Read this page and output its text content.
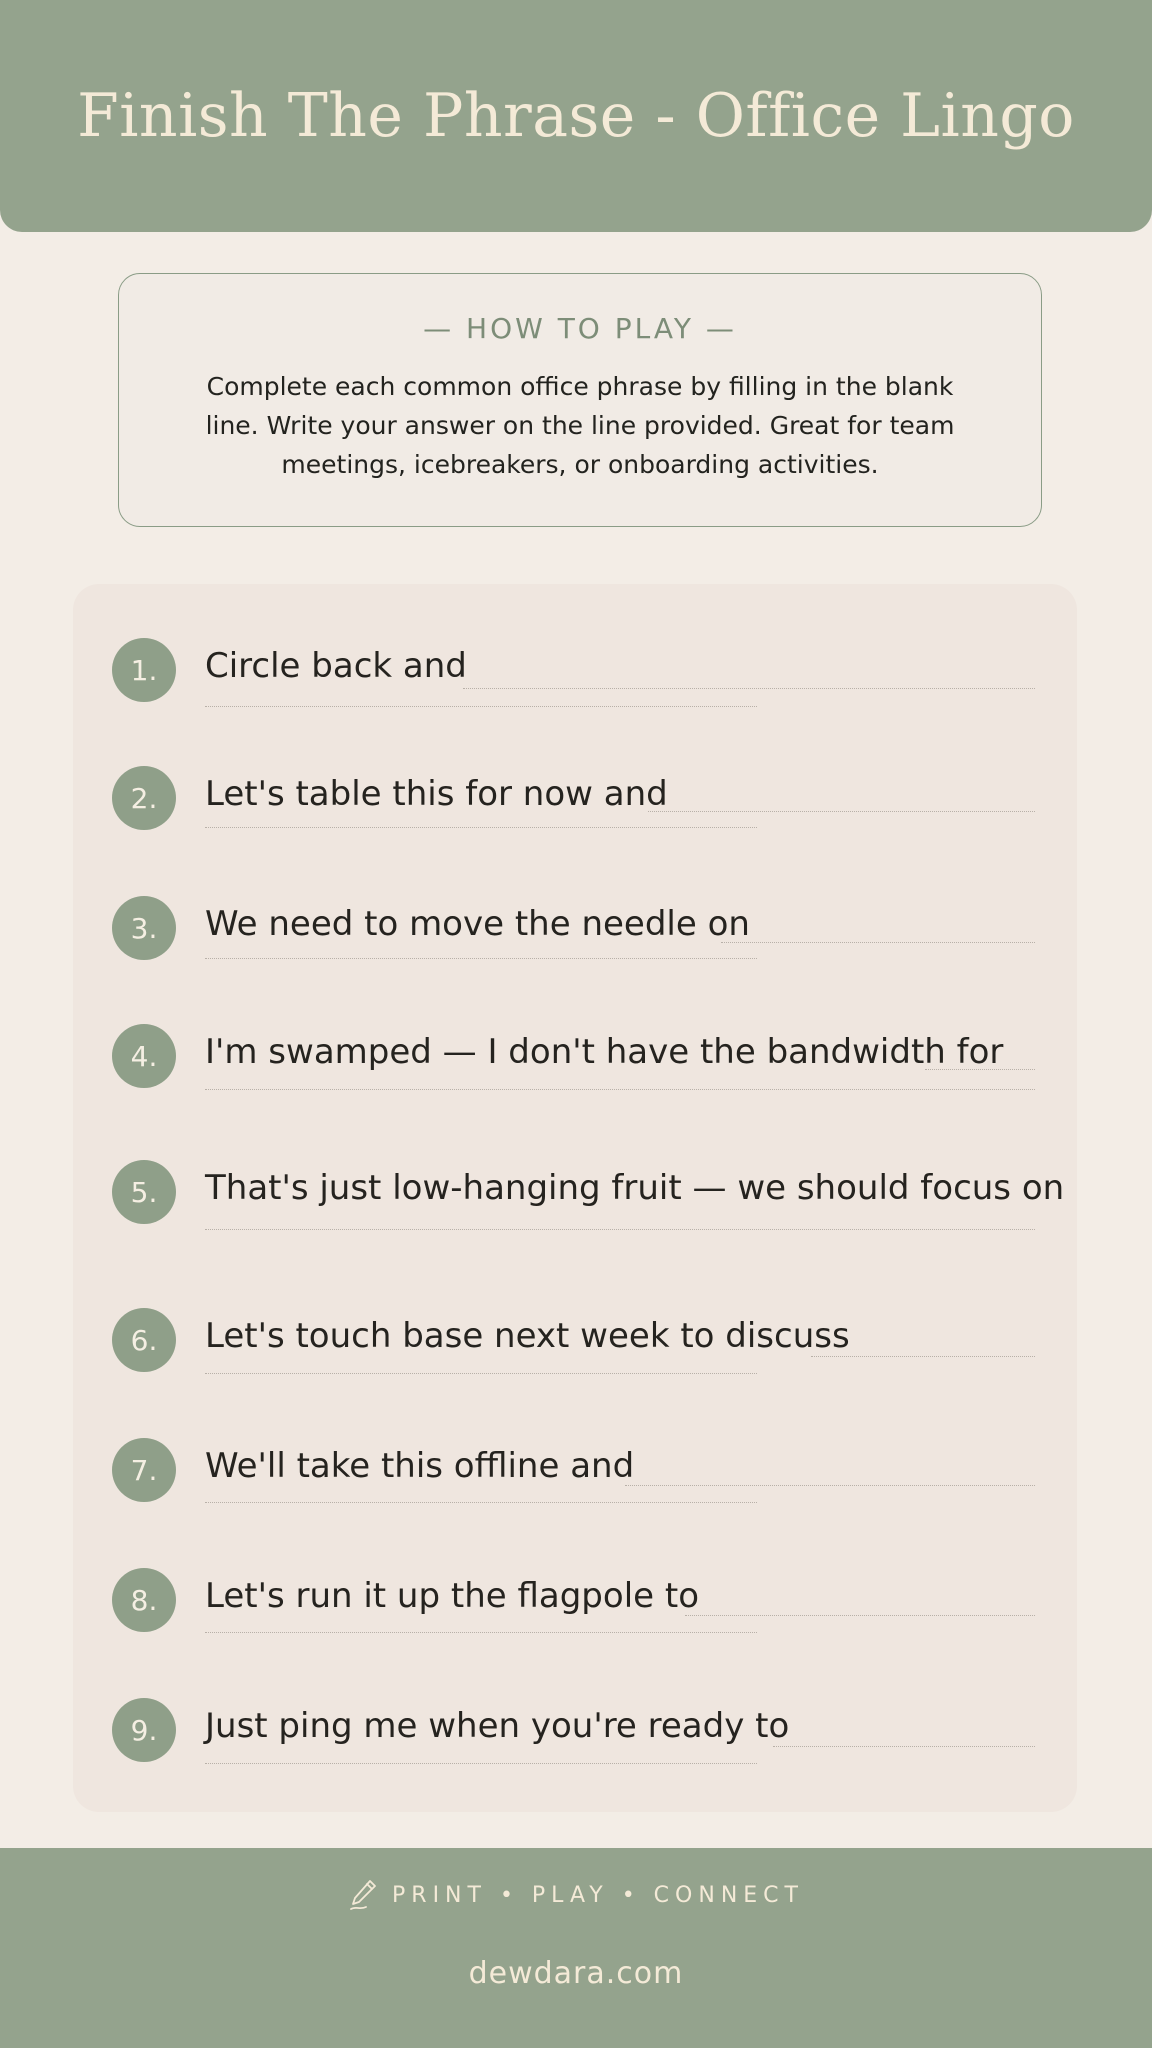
Finish The Phrase - Office Lingo
— HOW TO PLAY —
Complete each common office phrase by filling in the blank line. Write your answer on the line provided. Great for team meetings, icebreakers, or onboarding activities.
1.	Circle back and
2.	Let's table this for now and
3.	We need to move the needle on
4.	I'm swamped — I don't have the bandwidth for
5.	That's just low-hanging fruit — we should focus on
6.	Let's touch base next week to discuss
7.	We'll take this offline and
8.	Let's run it up the flagpole to
9.	Just ping me when you're ready to
PRINT • PLAY • CONNECT
dewdara.com
